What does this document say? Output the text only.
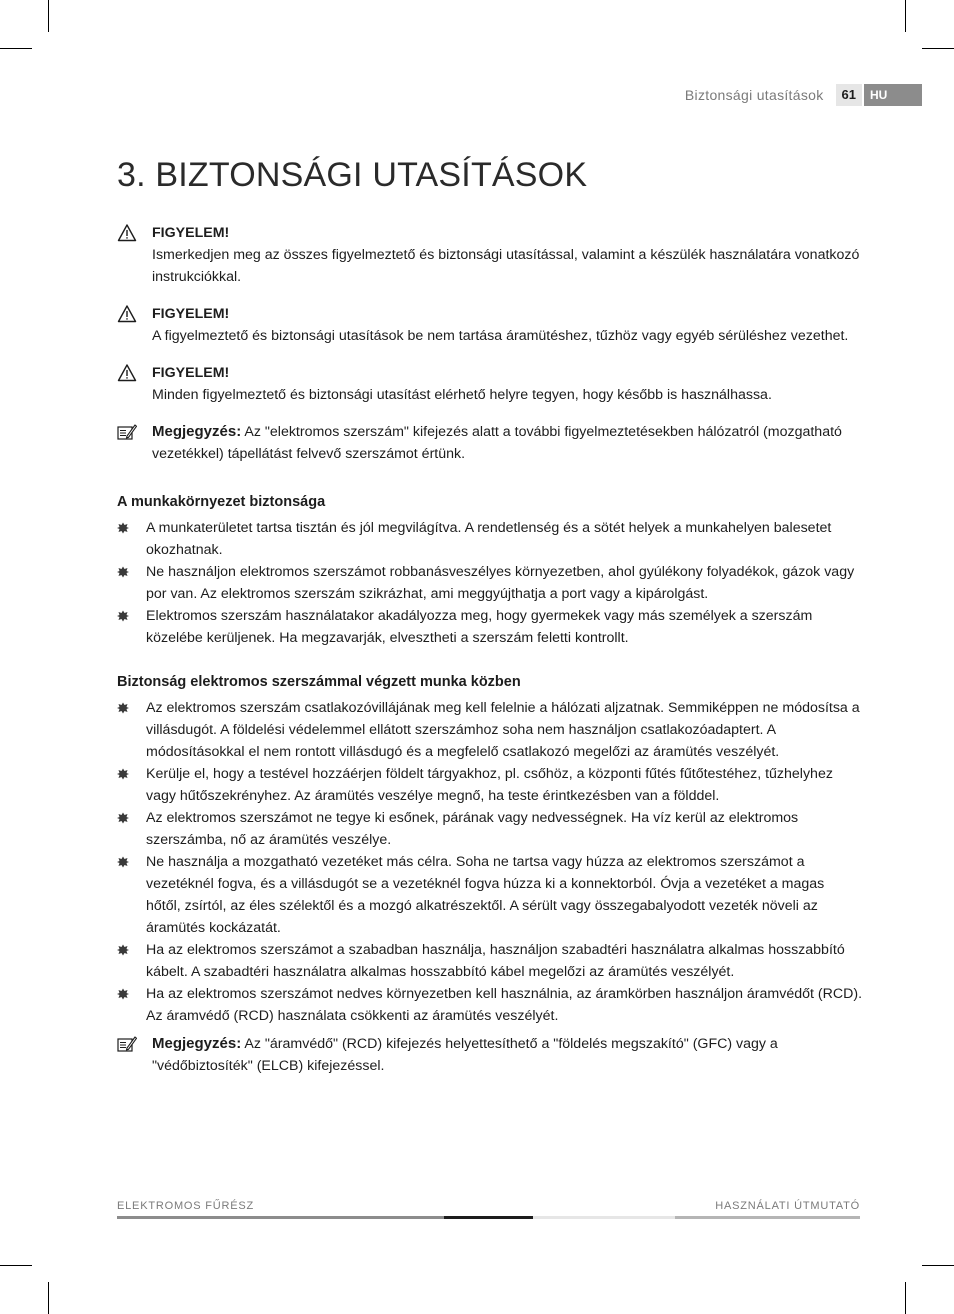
Biztonsági utasítások	61	HU
3. BIZTONSÁGI UTASÍTÁSOK
FIGYELEM!
Ismerkedjen meg az összes figyelmeztető és biztonsági utasítással, valamint a készülék használatára vonatkozó instrukciókkal.
FIGYELEM!
A figyelmeztető és biztonsági utasítások be nem tartása áramütéshez, tűzhöz vagy egyéb sérüléshez vezethet.
FIGYELEM!
Minden figyelmeztető és biztonsági utasítást elérhető helyre tegyen, hogy később is használhassa.
Megjegyzés: Az "elektromos szerszám" kifejezés alatt a további figyelmeztetésekben hálózatról (mozgatható vezetékkel) tápellátást felvevő szerszámot értünk.
A munkakörnyezet biztonsága
A munkaterületet tartsa tisztán és jól megvilágítva. A rendetlenség és a sötét helyek a munkahelyen balesetet okozhatnak.
Ne használjon elektromos szerszámot robbanásveszélyes környezetben, ahol gyúlékony folyadékok, gázok vagy por van. Az elektromos szerszám szikrázhat, ami meggyújthatja a port vagy a kipárolgást.
Elektromos szerszám használatakor akadályozza meg, hogy gyermekek vagy más személyek a szerszám közelébe kerüljenek. Ha megzavarják, elvesztheti a szerszám feletti kontrollt.
Biztonság elektromos szerszámmal végzett munka közben
Az elektromos szerszám csatlakozóvillájának meg kell felelnie a hálózati aljzatnak. Semmiképpen ne módosítsa a villásdugót. A földelési védelemmel ellátott szerszámhoz soha nem használjon csatlakozóadaptert. A módosításokkal el nem rontott villásdugó és a megfelelő csatlakozó megelőzi az áramütés veszélyét.
Kerülje el, hogy a testével hozzáérjen földelt tárgyakhoz, pl. csőhöz, a központi fűtés fűtőtestéhez, tűzhelyhez vagy hűtőszekrényhez. Az áramütés veszélye megnő, ha teste érintkezésben van a földdel.
Az elektromos szerszámot ne tegye ki esőnek, párának vagy nedvességnek. Ha víz kerül az elektromos szerszámba, nő az áramütés veszélye.
Ne használja a mozgatható vezetéket más célra. Soha ne tartsa vagy húzza az elektromos szerszámot a vezetéknél fogva, és a villásdugót se a vezetéknél fogva húzza ki a konnektorból. Óvja a vezetéket a magas hőtől, zsírtól, az éles szélektől és a mozgó alkatrészektől. A sérült vagy összegabalyodott vezeték növeli az áramütés kockázatát.
Ha az elektromos szerszámot a szabadban használja, használjon szabadtéri használatra alkalmas hosszabbító kábelt. A szabadtéri használatra alkalmas hosszabbító kábel megelőzi az áramütés veszélyét.
Ha az elektromos szerszámot nedves környezetben kell használnia, az áramkörben használjon áramvédőt (RCD). Az áramvédő (RCD) használata csökkenti az áramütés veszélyét.
Megjegyzés: Az "áramvédő" (RCD) kifejezés helyettesíthető a "földelés megszakító" (GFC) vagy a "védőbiztosíték" (ELCB) kifejezéssel.
ELEKTROMOS FŰRÉSZ	HASZNÁLATI ÚTMUTATÓ
